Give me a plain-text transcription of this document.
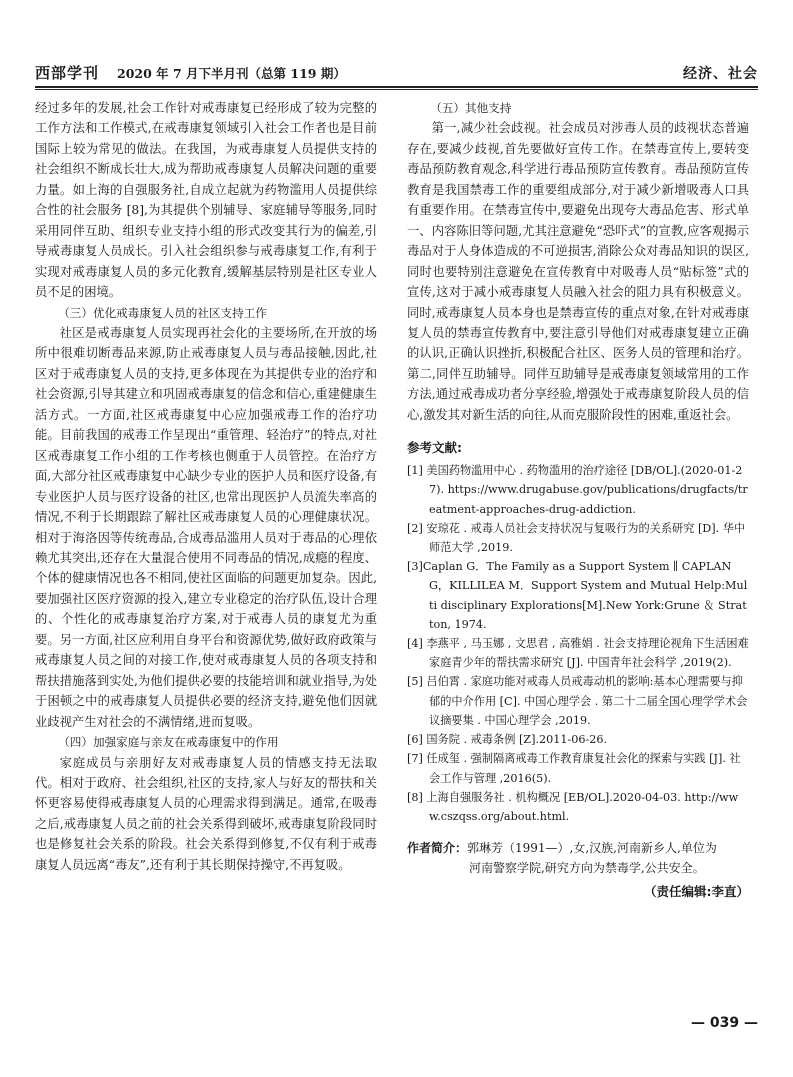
西部学刊 2020 年 7 月下半月刊（总第 119 期）	经济、社会

经过多年的发展,社会工作针对戒毒康复已经形成了较为完整的工作方法和工作模式,在戒毒康复领域引入社会工作者也是目前国际上较为常见的做法。在我国，为戒毒康复人员提供支持的社会组织不断成长壮大,成为帮助戒毒康复人员解决问题的重要力量。如上海的自强服务社,自成立起就为药物滥用人员提供综合性的社会服务 [8],为其提供个别辅导、家庭辅导等服务,同时采用同伴互助、组织专业支持小组的形式改变其行为的偏差,引导戒毒康复人员成长。引入社会组织参与戒毒康复工作,有利于实现对戒毒康复人员的多元化教育,缓解基层特别是社区专业人员不足的困境。

（三）优化戒毒康复人员的社区支持工作

社区是戒毒康复人员实现再社会化的主要场所,在开放的场所中很难切断毒品来源,防止戒毒康复人员与毒品接触,因此,社区对于戒毒康复人员的支持,更多体现在为其提供专业的治疗和社会资源,引导其建立和巩固戒毒康复的信念和信心,重建健康生活方式。一方面,社区戒毒康复中心应加强戒毒工作的治疗功能。目前我国的戒毒工作呈现出“重管理、轻治疗”的特点,对社区戒毒康复工作小组的工作考核也侧重于人员管控。在治疗方面,大部分社区戒毒康复中心缺少专业的医护人员和医疗设备,有专业医护人员与医疗设备的社区,也常出现医护人员流失率高的情况,不利于长期跟踪了解社区戒毒康复人员的心理健康状况。相对于海洛因等传统毒品,合成毒品滥用人员对于毒品的心理依赖尤其突出,还存在大量混合使用不同毒品的情况,成瘾的程度、个体的健康情况也各不相同,使社区面临的问题更加复杂。因此,要加强社区医疗资源的投入,建立专业稳定的治疗队伍,设计合理的、个性化的戒毒康复治疗方案,对于戒毒人员的康复尤为重要。另一方面,社区应利用自身平台和资源优势,做好政府政策与戒毒康复人员之间的对接工作,使对戒毒康复人员的各项支持和帮扶措施落到实处,为他们提供必要的技能培训和就业指导,为处于困顿之中的戒毒康复人员提供必要的经济支持,避免他们因就业歧视产生对社会的不满情绪,进而复吸。

（四）加强家庭与亲友在戒毒康复中的作用

家庭成员与亲朋好友对戒毒康复人员的情感支持无法取代。相对于政府、社会组织,社区的支持,家人与好友的帮扶和关怀更容易使得戒毒康复人员的心理需求得到满足。通常,在吸毒之后,戒毒康复人员之前的社会关系得到破坏,戒毒康复阶段同时也是修复社会关系的阶段。社会关系得到修复,不仅有利于戒毒康复人员远离“毒友”,还有利于其长期保持操守,不再复吸。

（五）其他支持

第一,减少社会歧视。社会成员对涉毒人员的歧视状态普遍存在,要减少歧视,首先要做好宣传工作。在禁毒宣传上,要转变毒品预防教育观念,科学进行毒品预防宣传教育。毒品预防宣传教育是我国禁毒工作的重要组成部分,对于减少新增吸毒人口具有重要作用。在禁毒宣传中,要避免出现夸大毒品危害、形式单一、内容陈旧等问题,尤其注意避免“恐吓式”的宣教,应客观揭示毒品对于人身体造成的不可逆损害,消除公众对毒品知识的误区,同时也要特别注意避免在宣传教育中对吸毒人员“贴标签”式的宣传,这对于减小戒毒康复人员融入社会的阻力具有积极意义。同时,戒毒康复人员本身也是禁毒宣传的重点对象,在针对戒毒康复人员的禁毒宣传教育中,要注意引导他们对戒毒康复建立正确的认识,正确认识挫折,积极配合社区、医务人员的管理和治疗。第二,同伴互助辅导。同伴互助辅导是戒毒康复领域常用的工作方法,通过戒毒成功者分享经验,增强处于戒毒康复阶段人员的信心,激发其对新生活的向往,从而克服阶段性的困难,重返社会。

参考文献:
[1] 美国药物滥用中心 . 药物滥用的治疗途径 [DB/OL].(2020-01-27). https://www.drugabuse.gov/publications/drugfacts/treatment-approaches-drug-addiction.
[2] 安琼花 . 戒毒人员社会支持状况与复吸行为的关系研究 [D]. 华中师范大学 ,2019.
[3]Caplan G．The Family as a Support System ∥ CAPLAN G，KILLILEA M．Support System and Mutual Help:Multi disciplinary Explorations[M].New York:Grune ＆ Stratton, 1974.
[4] 李燕平 , 马玉娜 , 文思君 , 高雅娟 . 社会支持理论视角下生活困难家庭青少年的帮扶需求研究 [J]. 中国青年社会科学 ,2019(2).
[5] 吕伯霄 . 家庭功能对戒毒人员戒毒动机的影响:基本心理需要与抑郁的中介作用 [C]. 中国心理学会 . 第二十二届全国心理学学术会议摘要集 . 中国心理学会 ,2019.
[6] 国务院 . 戒毒条例 [Z].2011-06-26.
[7] 任成玺 . 强制隔离戒毒工作教育康复社会化的探索与实践 [J]. 社会工作与管理 ,2016(5).
[8] 上海自强服务社 . 机构概况 [EB/OL].2020-04-03. http://www.cszqss.org/about.html.
作者简介：郭琳芳（1991—）,女,汉族,河南新乡人,单位为
河南警察学院,研究方向为禁毒学,公共安全。
（责任编辑:李直）
— 039 —
